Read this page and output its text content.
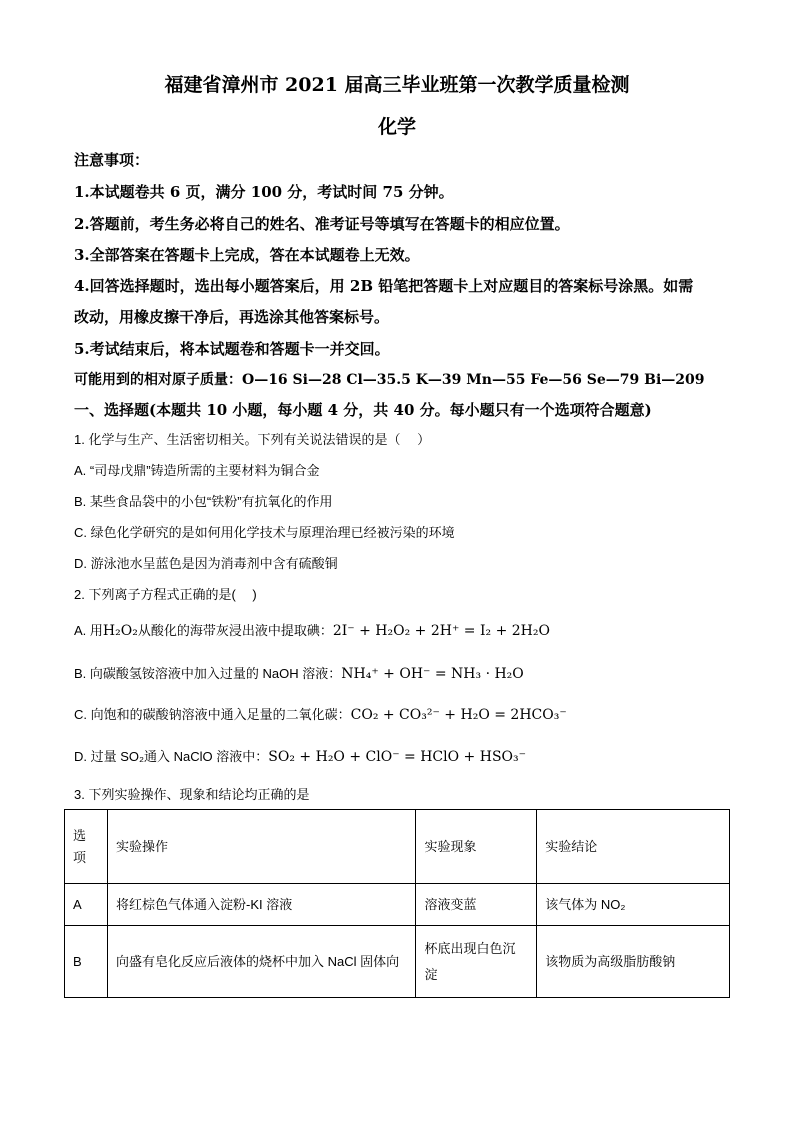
福建省漳州市 2021 届高三毕业班第一次教学质量检测
化学
注意事项：
1.本试题卷共 6 页，满分 100 分，考试时间 75 分钟。
2.答题前，考生务必将自己的姓名、准考证号等填写在答题卡的相应位置。
3.全部答案在答题卡上完成，答在本试题卷上无效。
4.回答选择题时，选出每小题答案后，用 2B 铅笔把答题卡上对应题目的答案标号涂黑。如需
改动，用橡皮擦干净后，再选涂其他答案标号。
5.考试结束后，将本试题卷和答题卡一并交回。
可能用到的相对原子质量：O—16 Si—28 Cl—35.5 K—39 Mn—55 Fe—56 Se—79 Bi—209
一、选择题(本题共 10 小题，每小题 4 分，共 40 分。每小题只有一个选项符合题意)
1. 化学与生产、生活密切相关。下列有关说法错误的是（　 ）
A. “司母戊鼎”铸造所需的主要材料为铜合金
B. 某些食品袋中的小包“铁粉”有抗氧化的作用
C. 绿色化学研究的是如何用化学技术与原理治理已经被污染的环境
D. 游泳池水呈蓝色是因为消毒剂中含有硫酸铜
2. 下列离子方程式正确的是(　 )
A. 用H₂O₂从酸化的海带灰浸出液中提取碘：2I⁻ + H₂O₂ + 2H⁺ = I₂ + 2H₂O
B. 向碳酸氢铵溶液中加入过量的 NaOH 溶液：NH₄⁺ + OH⁻ = NH₃ · H₂O
C. 向饱和的碳酸钠溶液中通入足量的二氧化碳：CO₂ + CO₃²⁻ + H₂O = 2HCO₃⁻
D. 过量 SO₂通入 NaClO 溶液中：SO₂ + H₂O + ClO⁻ = HClO + HSO₃⁻
3. 下列实验操作、现象和结论均正确的是
选项	实验操作	实验现象	实验结论
A	将红棕色气体通入淀粉-KI 溶液	溶液变蓝	该气体为 NO₂
B	向盛有皂化反应后液体的烧杯中加入 NaCl 固体向	杯底出现白色沉淀	该物质为高级脂肪酸钠
